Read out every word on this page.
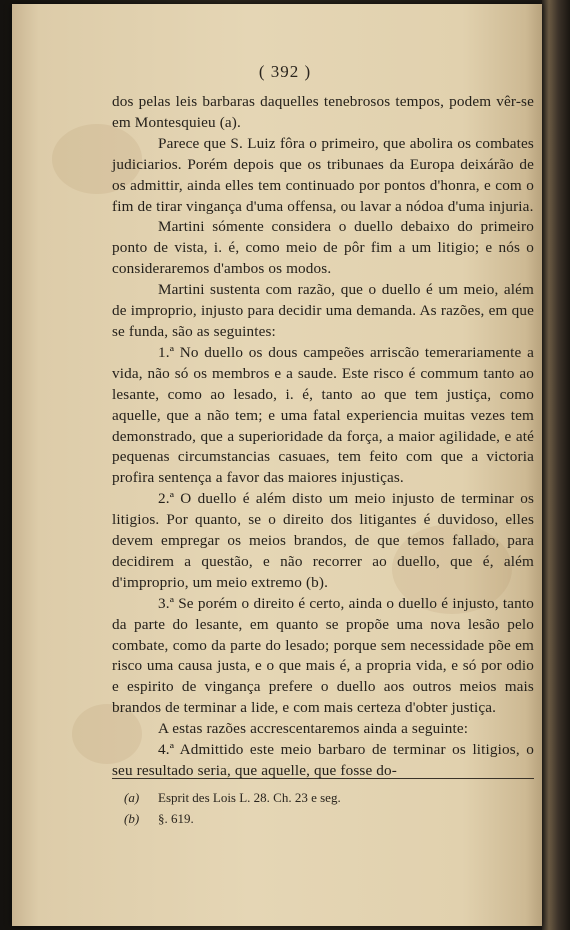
( 392 )

dos pelas leis barbaras daquelles tenebrosos tempos, podem vêr-se em Montesquieu (a).

Parece que S. Luiz fôra o primeiro, que abolira os combates judiciarios. Porém depois que os tribunaes da Europa deixárão de os admittir, ainda elles tem continuado por pontos d'honra, e com o fim de tirar vingança d'uma offensa, ou lavar a nódoa d'uma injuria.

Martini sómente considera o duello debaixo do primeiro ponto de vista, i. é, como meio de pôr fim a um litigio; e nós o consideraremos d'ambos os modos.

Martini sustenta com razão, que o duello é um meio, além de improprio, injusto para decidir uma demanda. As razões, em que se funda, são as seguintes:

1.ª No duello os dous campeões arriscão temerariamente a vida, não só os membros e a saude. Este risco é commum tanto ao lesante, como ao lesado, i. é, tanto ao que tem justiça, como aquelle, que a não tem; e uma fatal experiencia muitas vezes tem demonstrado, que a superioridade da força, a maior agilidade, e até pequenas circumstancias casuaes, tem feito com que a victoria profira sentença a favor das maiores injustiças.

2.ª O duello é além disto um meio injusto de terminar os litigios. Por quanto, se o direito dos litigantes é duvidoso, elles devem empregar os meios brandos, de que temos fallado, para decidirem a questão, e não recorrer ao duello, que é, além d'improprio, um meio extremo (b).

3.ª Se porém o direito é certo, ainda o duello é injusto, tanto da parte do lesante, em quanto se propõe uma nova lesão pelo combate, como da parte do lesado; porque sem necessidade põe em risco uma causa justa, e o que mais é, a propria vida, e só por odio e espirito de vingança prefere o duello aos outros meios mais brandos de terminar a lide, e com mais certeza d'obter justiça.

A estas razões accrescentaremos ainda a seguinte:

4.ª Admittido este meio barbaro de terminar os litigios, o seu resultado seria, que aquelle, que fosse do-

(a)	Esprit des Lois L. 28. Ch. 23 e seg.
(b)	§. 619.
